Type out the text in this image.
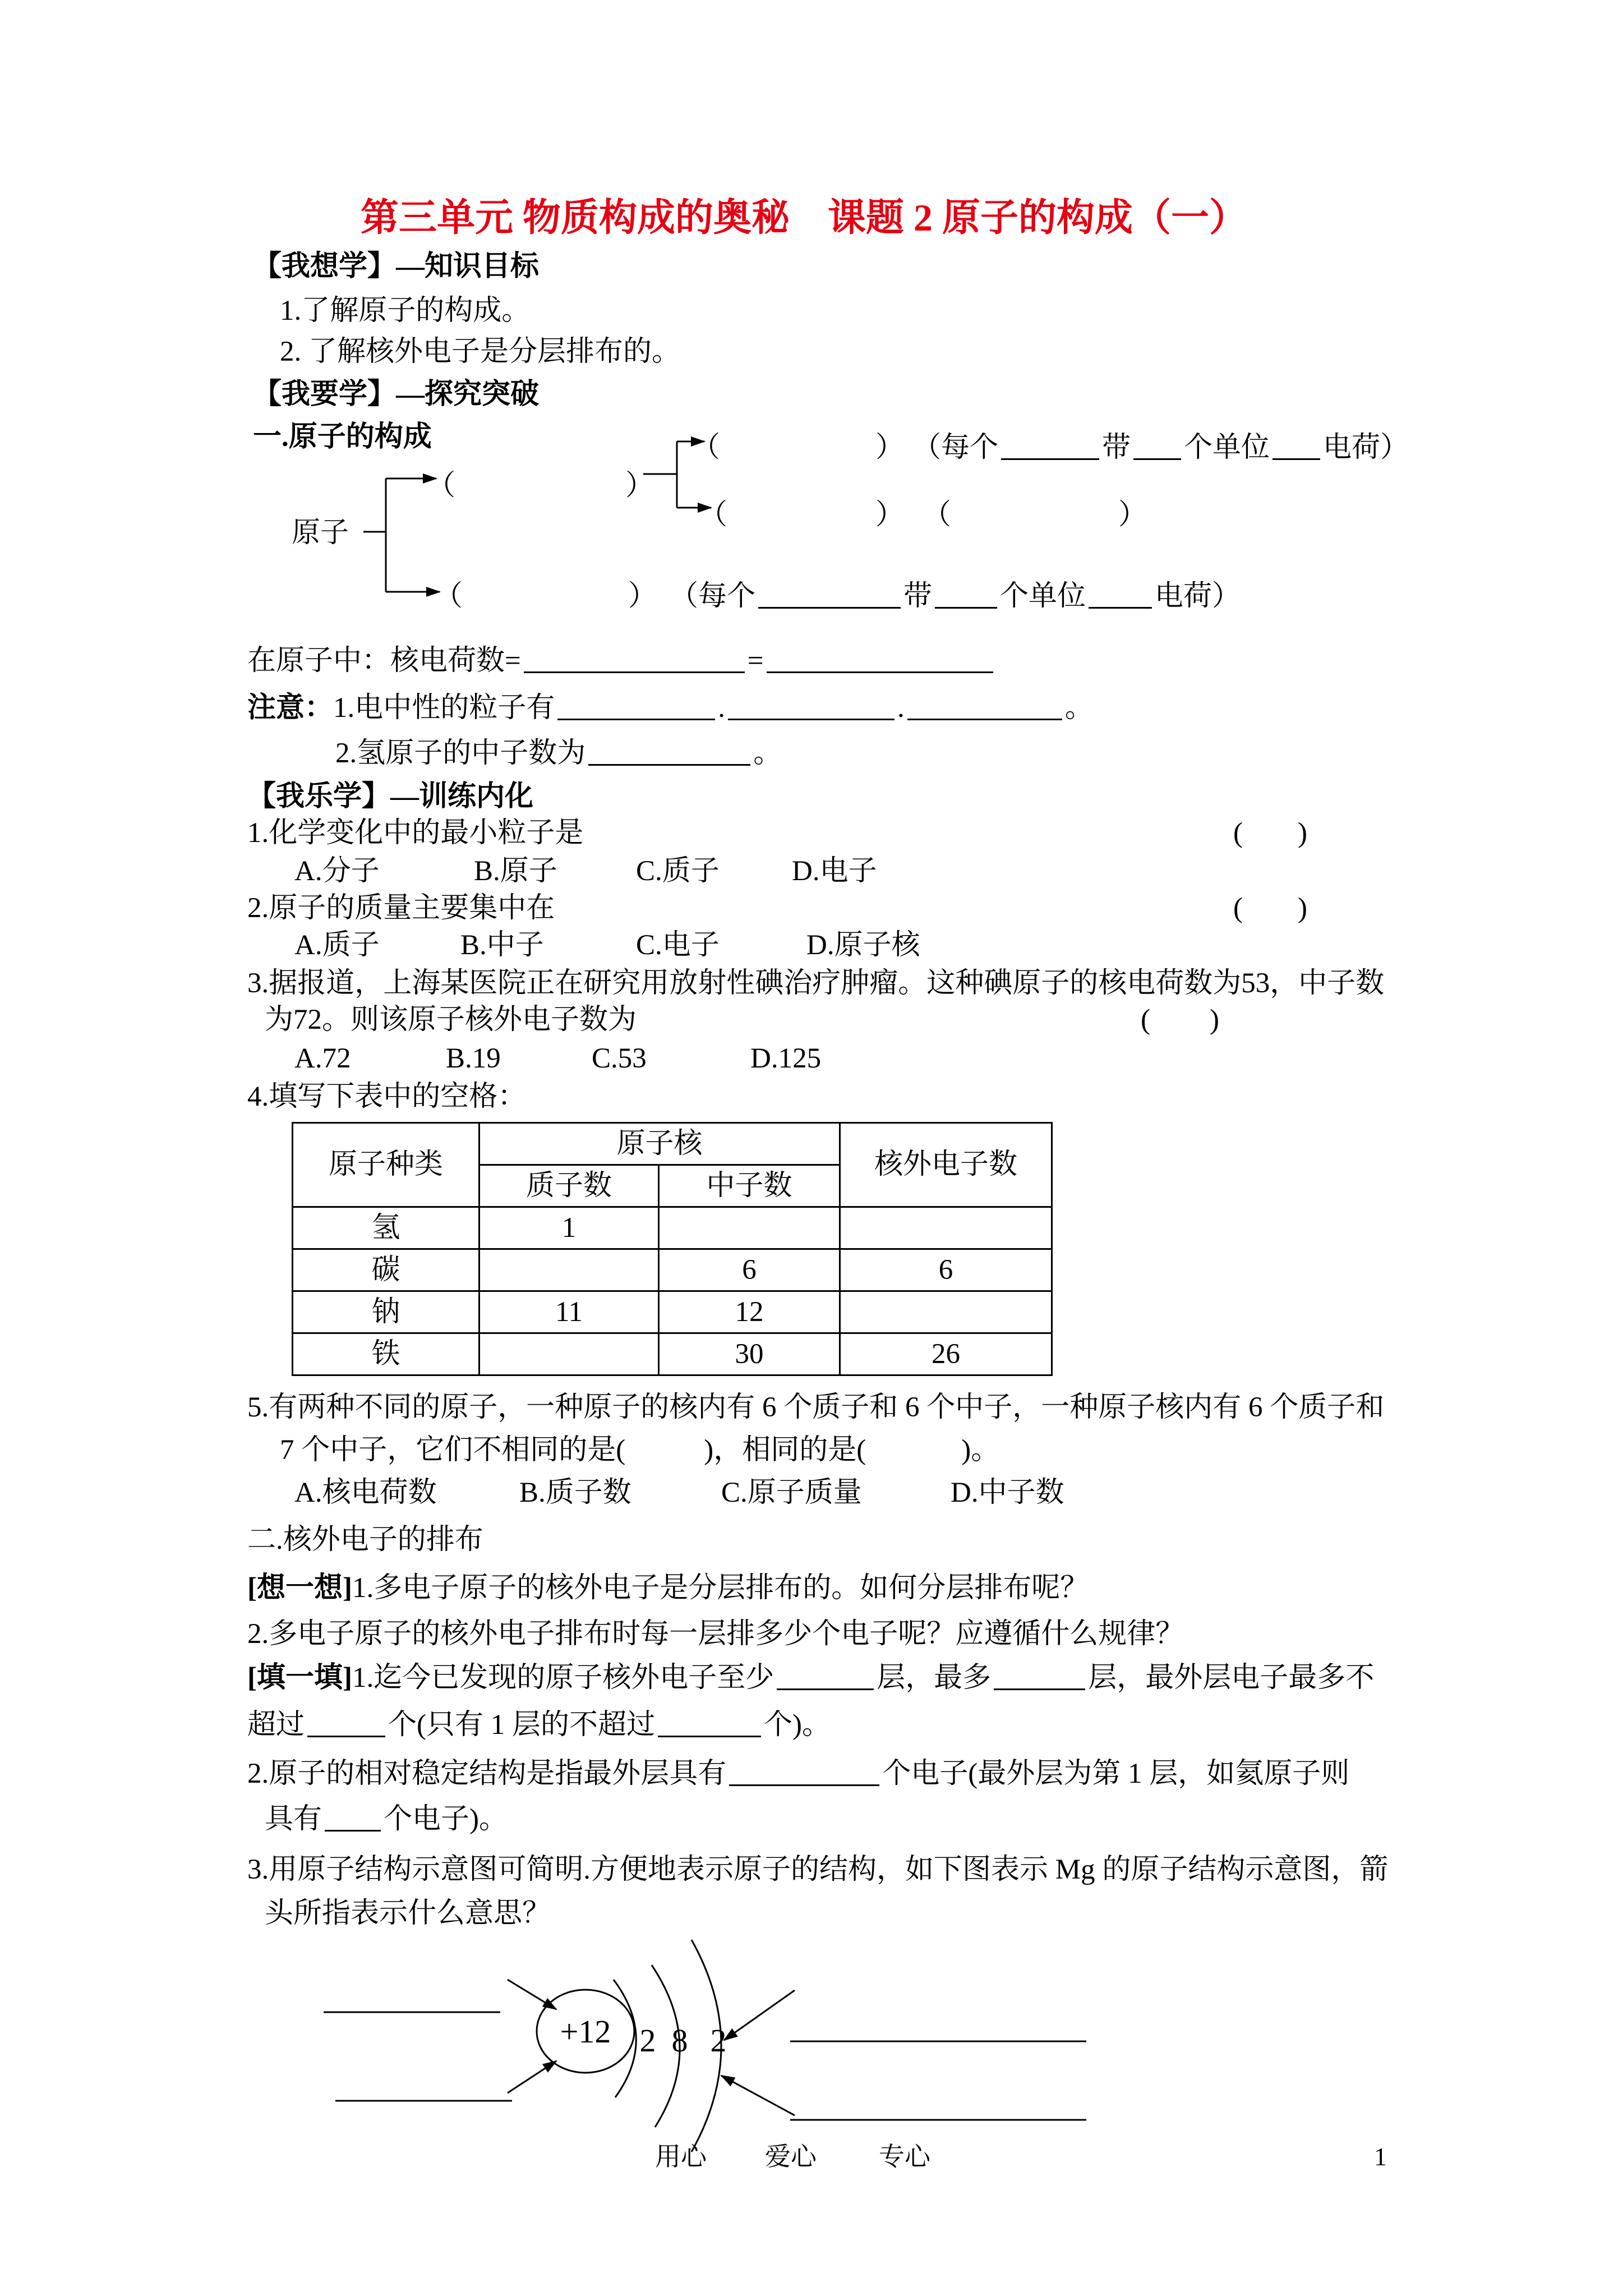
第三单元 物质构成的奥秘　课题 2 原子的构成（一）
【我想学】—知识目标
1.了解原子的构成。
2. 了解核外电子是分层排布的。
【我要学】—探究突破
一.原子的构成	（	） （每个	带 个单位 电荷）
（	）
（	） （	）
原子
（	） （每个	带 个单位 电荷）
在原子中：核电荷数=	=
注意：1.电中性的粒子有	.	.	。
2.氢原子的中子数为	。
【我乐学】—训练内化
1.化学变化中的最小粒子是	( )
A.分子	B.原子	C.质子	D.电子
2.原子的质量主要集中在	( )
A.质子	B.中子	C.电子	D.原子核
3.据报道，上海某医院正在研究用放射性碘治疗肿瘤。这种碘原子的核电荷数为53，中子数
为72。则该原子核外电子数为	( )
A.72	B.19	C.53	D.125
4.填写下表中的空格：
原子种类	原子核		核外电子数
	质子数	中子数	
氢	1		
碳		6	6
钠	11	12	
铁		30	26
5.有两种不同的原子，一种原子的核内有 6 个质子和 6 个中子，一种原子核内有 6 个质子和
7 个中子，它们不相同的是(	)，相同的是(	)。
A.核电荷数	B.质子数	C.原子质量	D.中子数
二.核外电子的排布
[想一想]1.多电子原子的核外电子是分层排布的。如何分层排布呢？
2.多电子原子的核外电子排布时每一层排多少个电子呢？应遵循什么规律？
[填一填]1.迄今已发现的原子核外电子至少	层，最多	层，最外层电子最多不
超过	个(只有 1 层的不超过	个)。
2.原子的相对稳定结构是指最外层具有	个电子(最外层为第 1 层，如氦原子则
具有 个电子)。
3.用原子结构示意图可简明.方便地表示原子的结构，如下图表示 Mg 的原子结构示意图，箭
头所指表示什么意思？
用心 爱心 专心	1
+12 2 8 2
